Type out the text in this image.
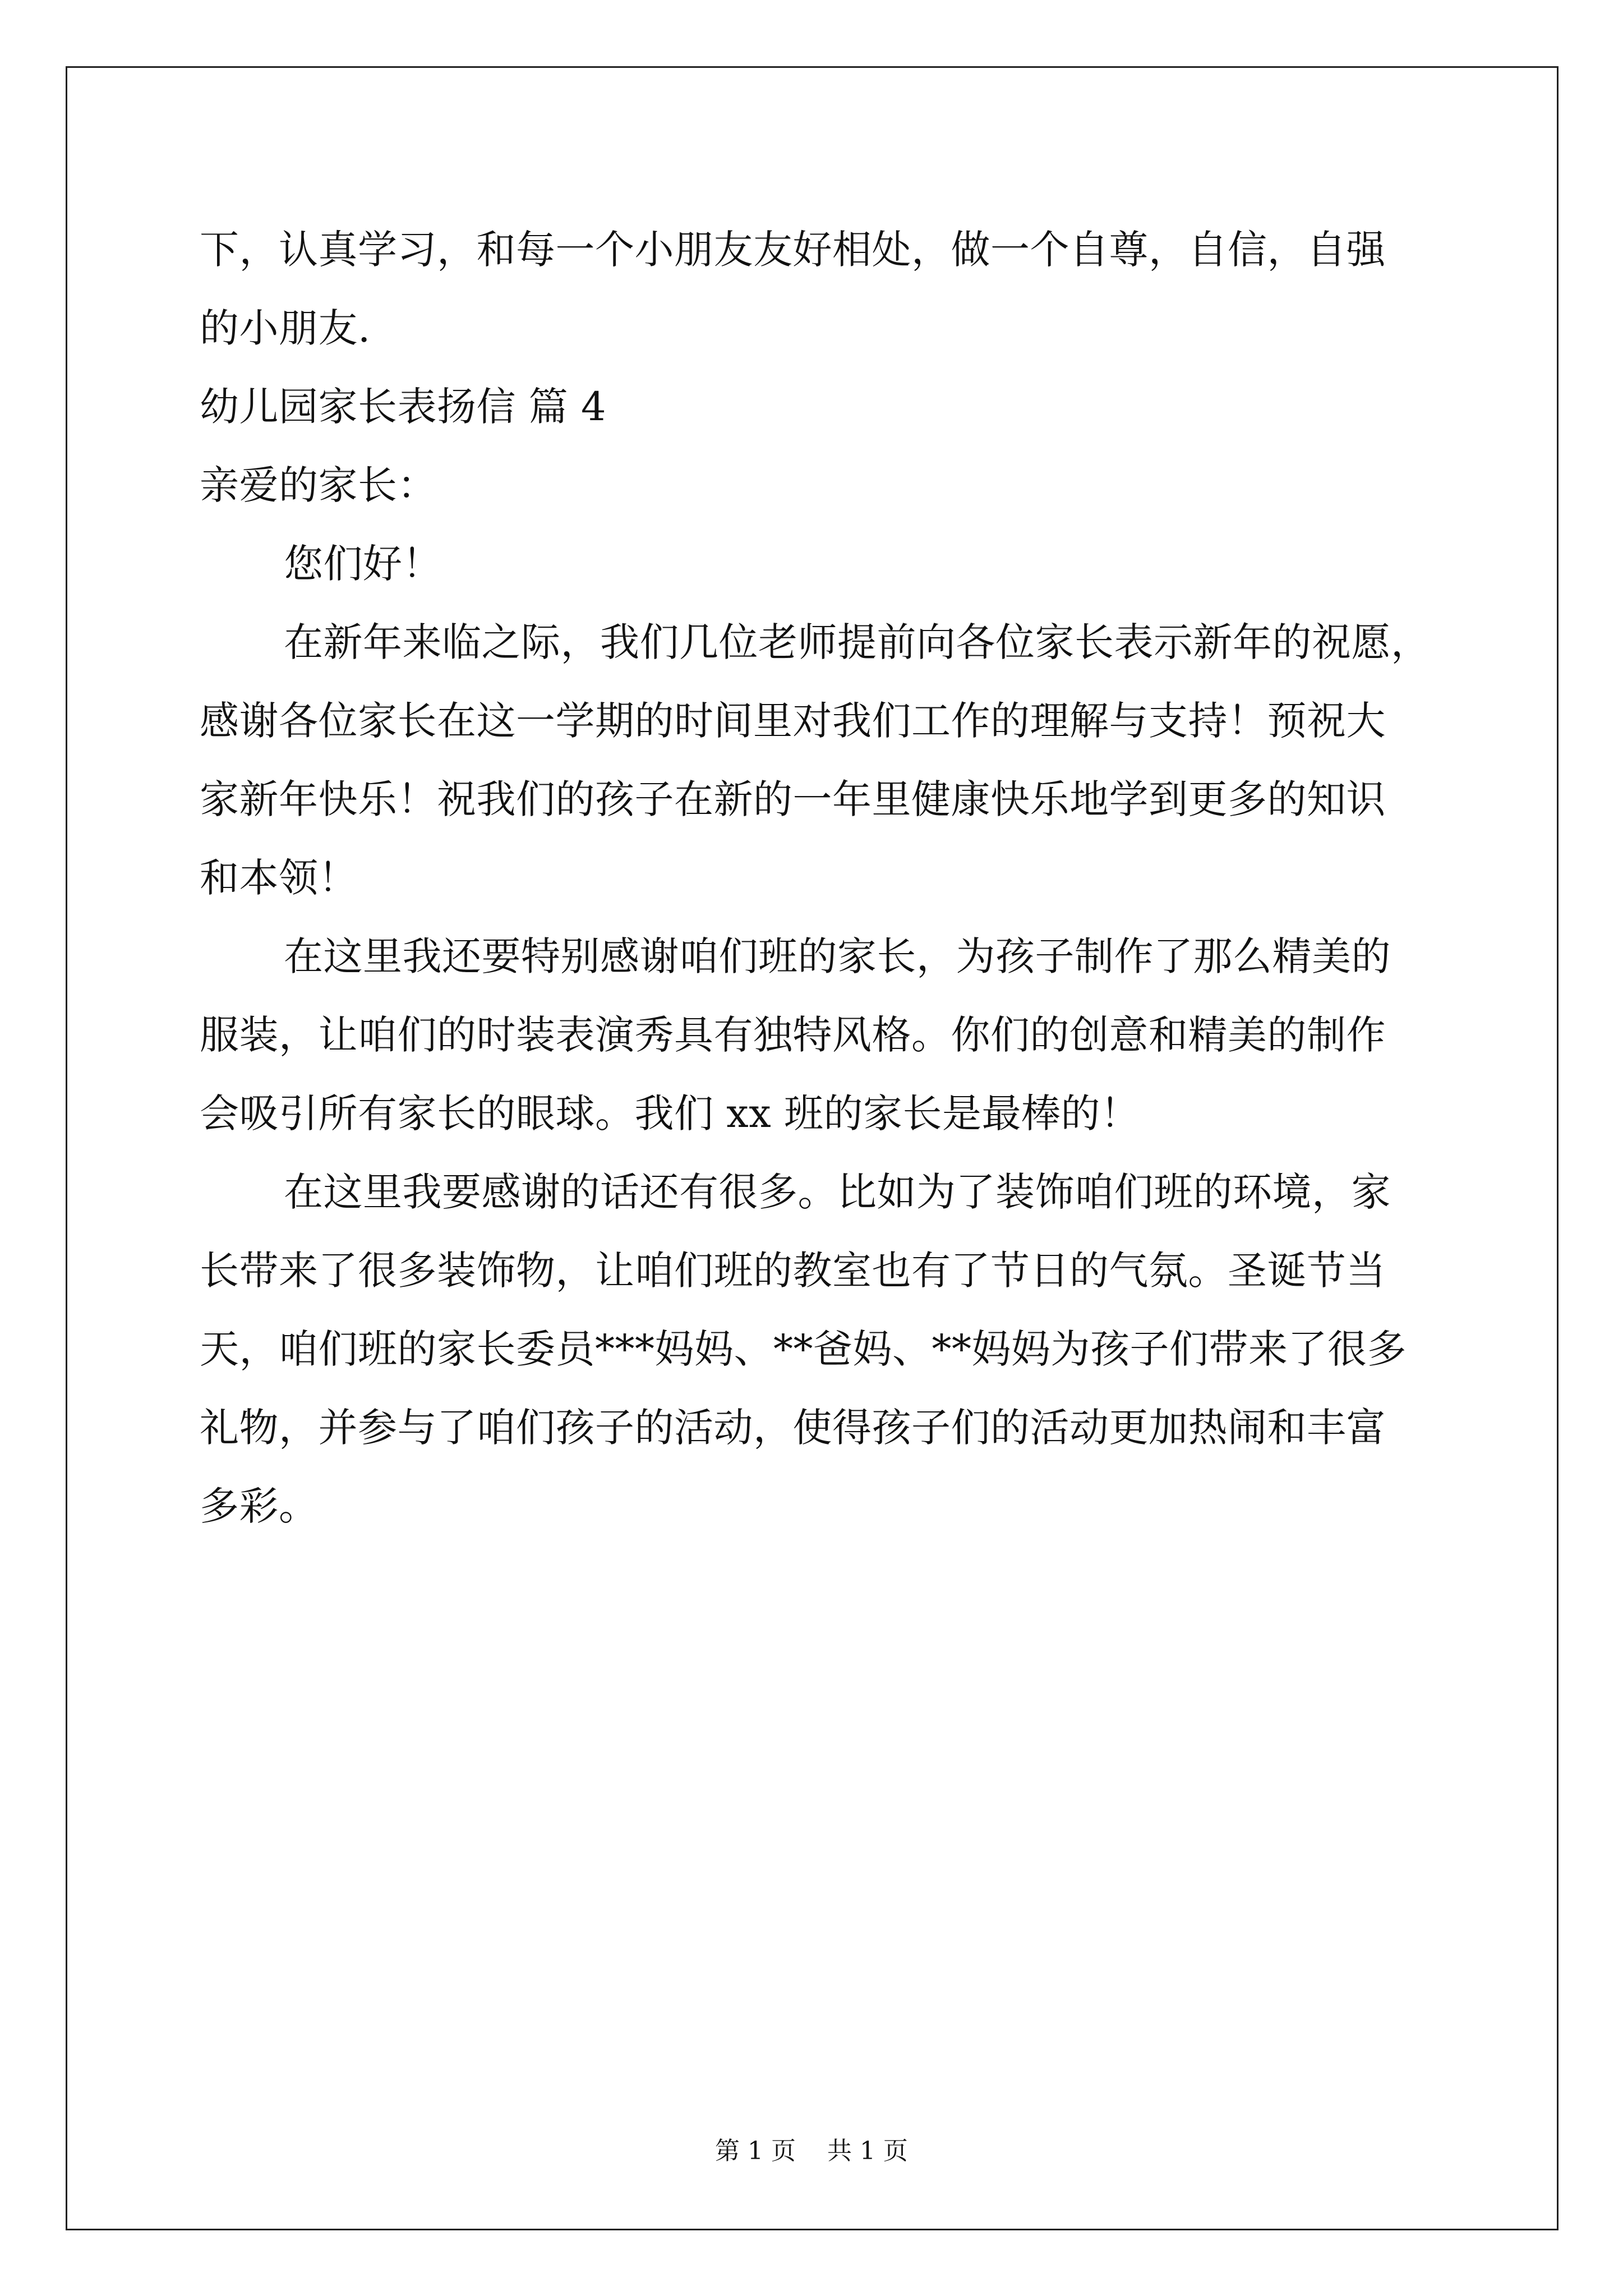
下，认真学习，和每一个小朋友友好相处，做一个自尊，自信，自强
的小朋友.
幼儿园家长表扬信 篇 4
亲爱的家长：
您们好！
在新年来临之际，我们几位老师提前向各位家长表示新年的祝愿，
感谢各位家长在这一学期的时间里对我们工作的理解与支持！预祝大
家新年快乐！祝我们的孩子在新的一年里健康快乐地学到更多的知识
和本领！
在这里我还要特别感谢咱们班的家长，为孩子制作了那么精美的
服装，让咱们的时装表演秀具有独特风格。你们的创意和精美的制作
会吸引所有家长的眼球。我们 xx 班的家长是最棒的！
在这里我要感谢的话还有很多。比如为了装饰咱们班的环境，家
长带来了很多装饰物，让咱们班的教室也有了节日的气氛。圣诞节当
天，咱们班的家长委员***妈妈、**爸妈、**妈妈为孩子们带来了很多
礼物，并参与了咱们孩子的活动，使得孩子们的活动更加热闹和丰富
多彩。
第 1 页 共 1 页
